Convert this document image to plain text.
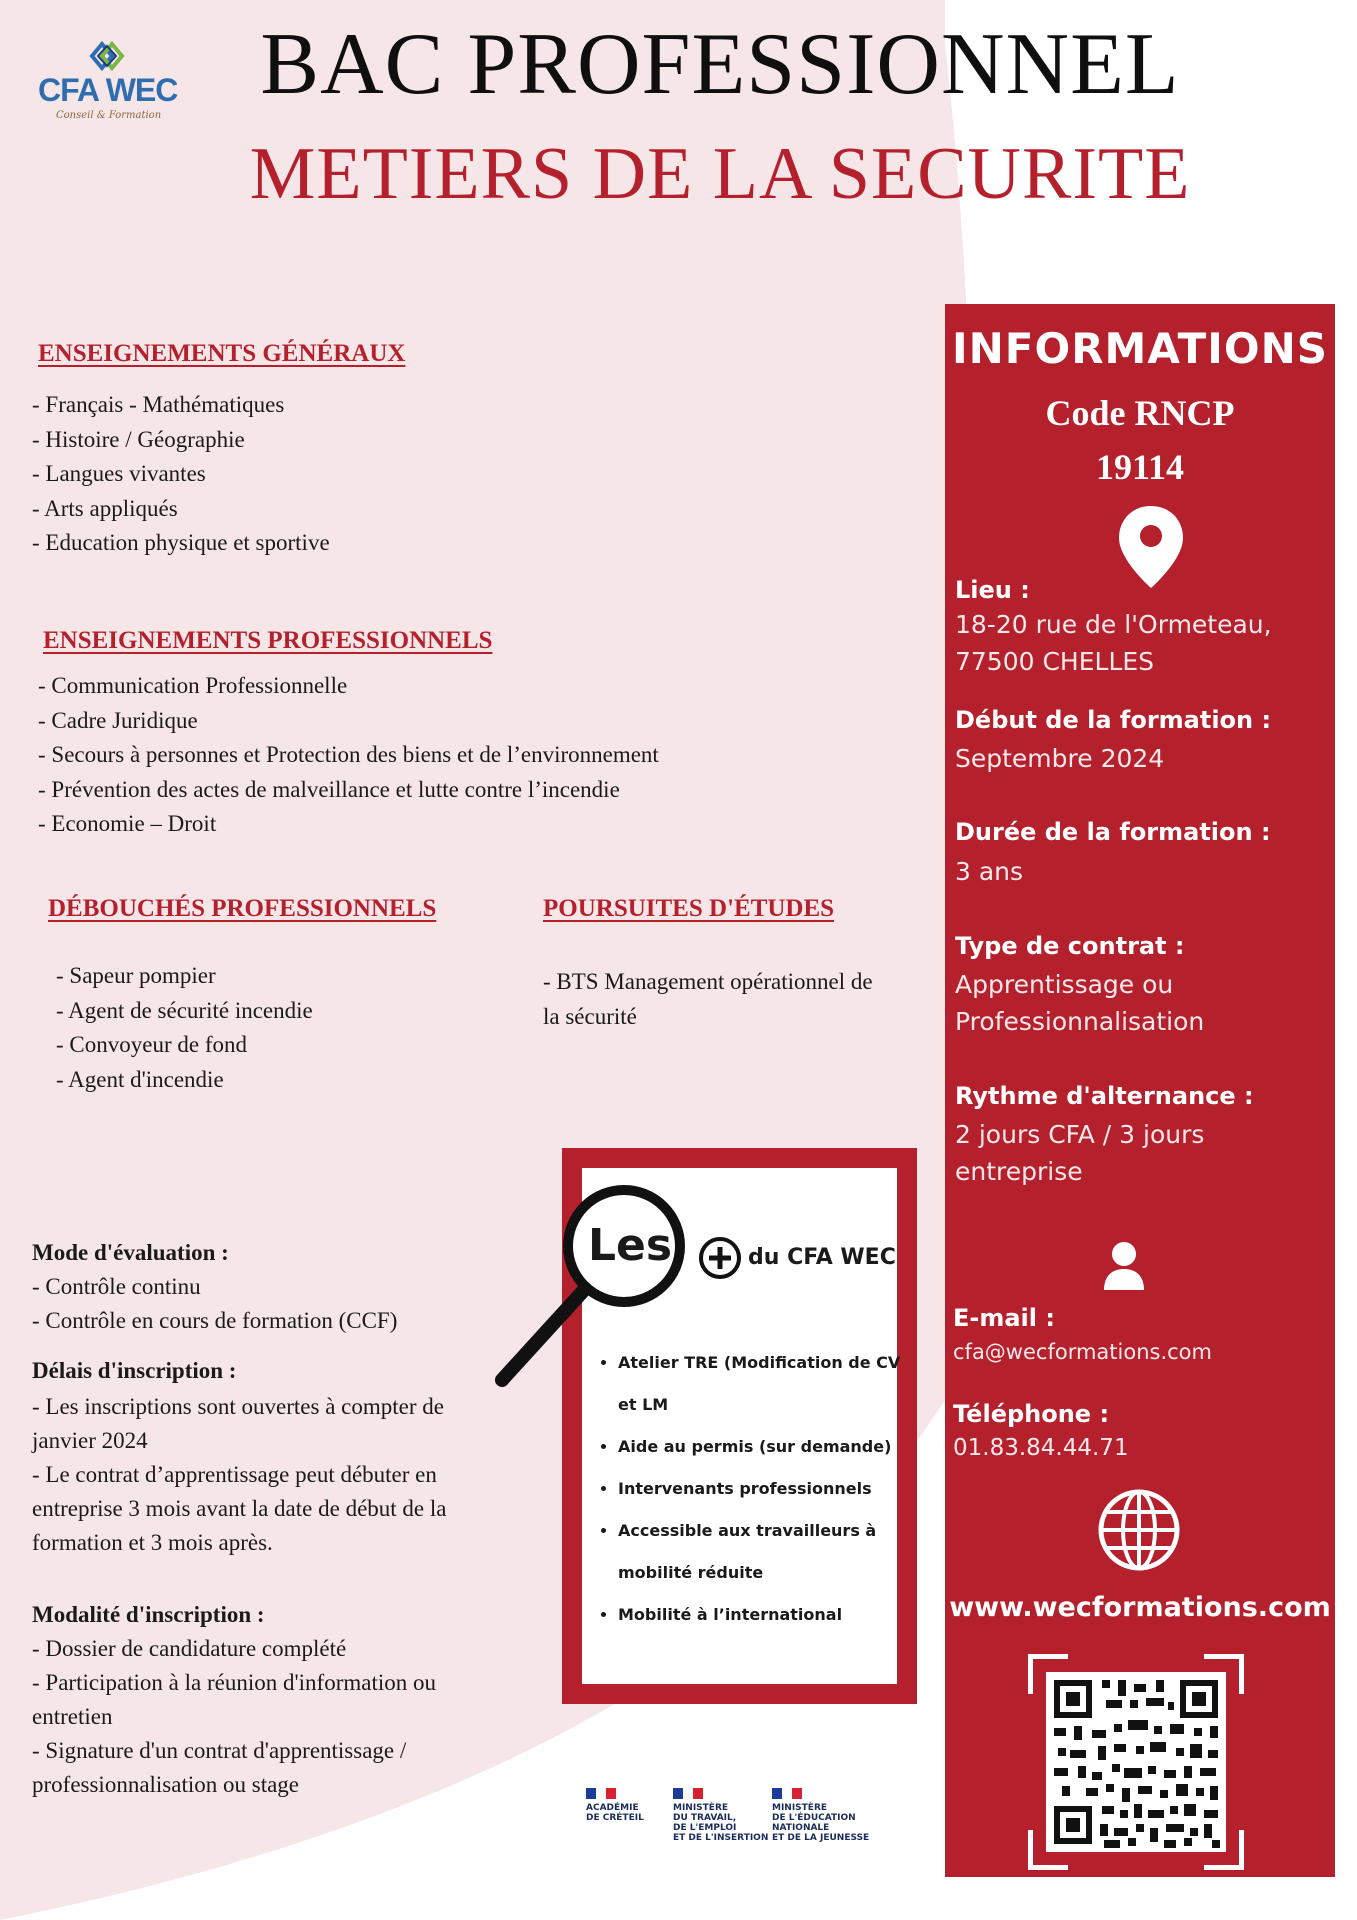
CFA WEC
Conseil & Formation
BAC PROFESSIONNEL
METIERS DE LA SECURITE
ENSEIGNEMENTS GÉNÉRAUX
- Français - Mathématiques
- Histoire / Géographie
- Langues vivantes
- Arts appliqués
- Education physique et sportive
ENSEIGNEMENTS PROFESSIONNELS
- Communication Professionnelle
- Cadre Juridique
- Secours à personnes et Protection des biens et de l’environnement
- Prévention des actes de malveillance et lutte contre l’incendie
- Economie – Droit
DÉBOUCHÉS PROFESSIONNELS
- Sapeur pompier
- Agent de sécurité incendie
- Convoyeur de fond
- Agent d'incendie
POURSUITES D'ÉTUDES
- BTS Management opérationnel de
la sécurité
Mode d'évaluation :
- Contrôle continu
- Contrôle en cours de formation (CCF)
Délais d'inscription :
- Les inscriptions sont ouvertes à compter de
janvier 2024
- Le contrat d’apprentissage peut débuter en
entreprise 3 mois avant la date de début de la
formation et 3 mois après.
Modalité d'inscription :
- Dossier de candidature complété
- Participation à la réunion d'information ou
entretien
- Signature d'un contrat d'apprentissage /
professionnalisation ou stage
Les	du CFA WEC
• Atelier TRE (Modification de CV et LM
• Aide au permis (sur demande)
• Intervenants professionnels
• Accessible aux travailleurs à mobilité réduite
• Mobilité à l’international
INFORMATIONS
Code RNCP
19114
Lieu :
18-20 rue de l'Ormeteau,
77500 CHELLES
Début de la formation :
Septembre 2024
Durée de la formation :
3 ans
Type de contrat :
Apprentissage ou
Professionnalisation
Rythme d'alternance :
2 jours CFA / 3 jours
entreprise
E-mail :
cfa@wecformations.com
Téléphone :
01.83.84.44.71
www.wecformations.com
ACADÉMIE
DE CRÉTEIL
MINISTÈRE
DU TRAVAIL,
DE L'EMPLOI
ET DE L'INSERTION
MINISTÈRE
DE L'ÉDUCATION
NATIONALE
ET DE LA JEUNESSE
